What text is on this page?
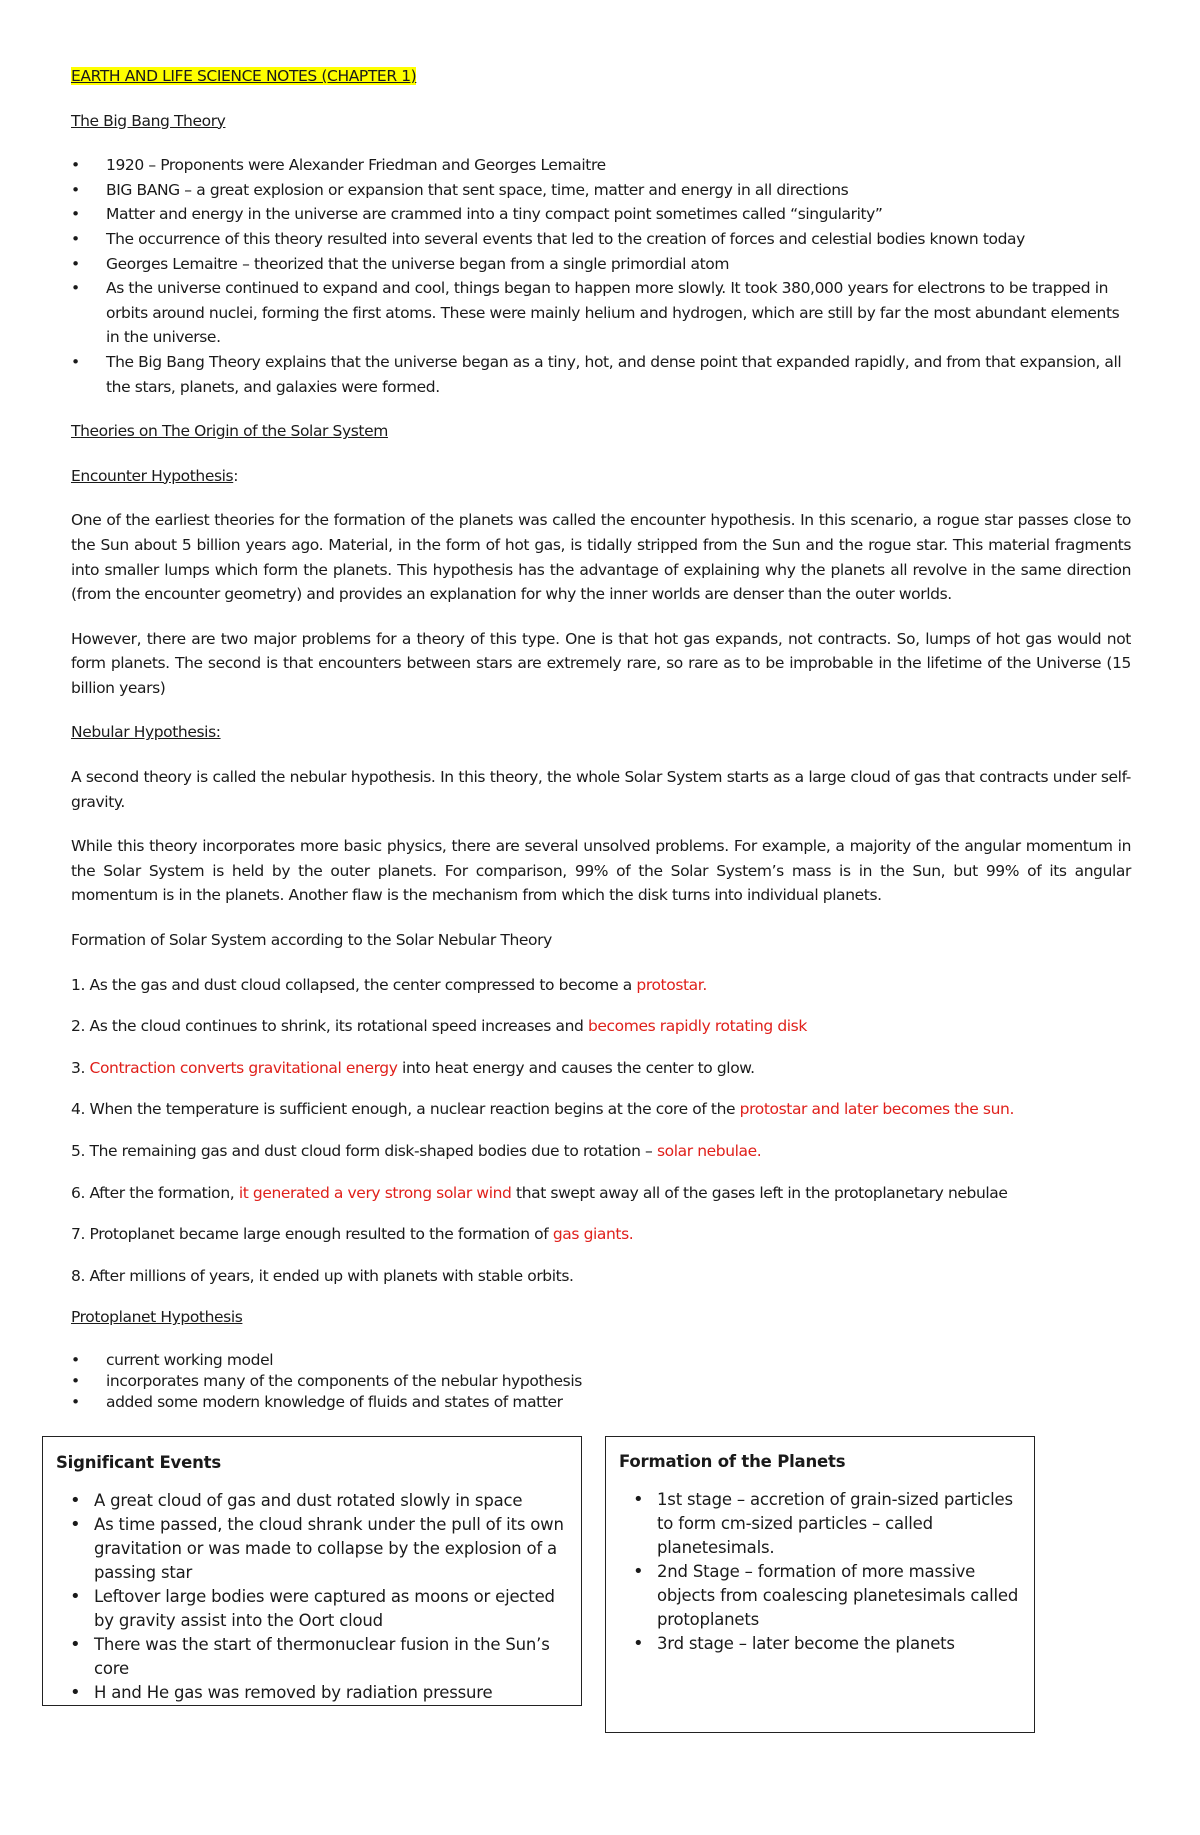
EARTH AND LIFE SCIENCE NOTES (CHAPTER 1)

The Big Bang Theory

• 1920 – Proponents were Alexander Friedman and Georges Lemaitre
• BIG BANG – a great explosion or expansion that sent space, time, matter and energy in all directions
• Matter and energy in the universe are crammed into a tiny compact point sometimes called “singularity”
• The occurrence of this theory resulted into several events that led to the creation of forces and celestial bodies known today
• Georges Lemaitre – theorized that the universe began from a single primordial atom
• As the universe continued to expand and cool, things began to happen more slowly. It took 380,000 years for electrons to be trapped in orbits around nuclei, forming the first atoms. These were mainly helium and hydrogen, which are still by far the most abundant elements in the universe.
• The Big Bang Theory explains that the universe began as a tiny, hot, and dense point that expanded rapidly, and from that expansion, all the stars, planets, and galaxies were formed.

Theories on The Origin of the Solar System

Encounter Hypothesis:

One of the earliest theories for the formation of the planets was called the encounter hypothesis. In this scenario, a rogue star passes close to the Sun about 5 billion years ago. Material, in the form of hot gas, is tidally stripped from the Sun and the rogue star. This material fragments into smaller lumps which form the planets. This hypothesis has the advantage of explaining why the planets all revolve in the same direction (from the encounter geometry) and provides an explanation for why the inner worlds are denser than the outer worlds.

However, there are two major problems for a theory of this type. One is that hot gas expands, not contracts. So, lumps of hot gas would not form planets. The second is that encounters between stars are extremely rare, so rare as to be improbable in the lifetime of the Universe (15 billion years)

Nebular Hypothesis:

A second theory is called the nebular hypothesis. In this theory, the whole Solar System starts as a large cloud of gas that contracts under self-gravity.

While this theory incorporates more basic physics, there are several unsolved problems. For example, a majority of the angular momentum in the Solar System is held by the outer planets. For comparison, 99% of the Solar System’s mass is in the Sun, but 99% of its angular momentum is in the planets. Another flaw is the mechanism from which the disk turns into individual planets.

Formation of Solar System according to the Solar Nebular Theory

1. As the gas and dust cloud collapsed, the center compressed to become a protostar.

2. As the cloud continues to shrink, its rotational speed increases and becomes rapidly rotating disk

3. Contraction converts gravitational energy into heat energy and causes the center to glow.

4. When the temperature is sufficient enough, a nuclear reaction begins at the core of the protostar and later becomes the sun.

5. The remaining gas and dust cloud form disk-shaped bodies due to rotation – solar nebulae.

6. After the formation, it generated a very strong solar wind that swept away all of the gases left in the protoplanetary nebulae

7. Protoplanet became large enough resulted to the formation of gas giants.

8. After millions of years, it ended up with planets with stable orbits.

Protoplanet Hypothesis

• current working model
• incorporates many of the components of the nebular hypothesis
• added some modern knowledge of fluids and states of matter

Significant Events

• A great cloud of gas and dust rotated slowly in space
• As time passed, the cloud shrank under the pull of its own gravitation or was made to collapse by the explosion of a passing star
• Leftover large bodies were captured as moons or ejected by gravity assist into the Oort cloud
• There was the start of thermonuclear fusion in the Sun’s core
• H and He gas was removed by radiation pressure

Formation of the Planets

• 1st stage – accretion of grain-sized particles to form cm-sized particles – called planetesimals.
• 2nd Stage – formation of more massive objects from coalescing planetesimals called protoplanets
• 3rd stage – later become the planets
